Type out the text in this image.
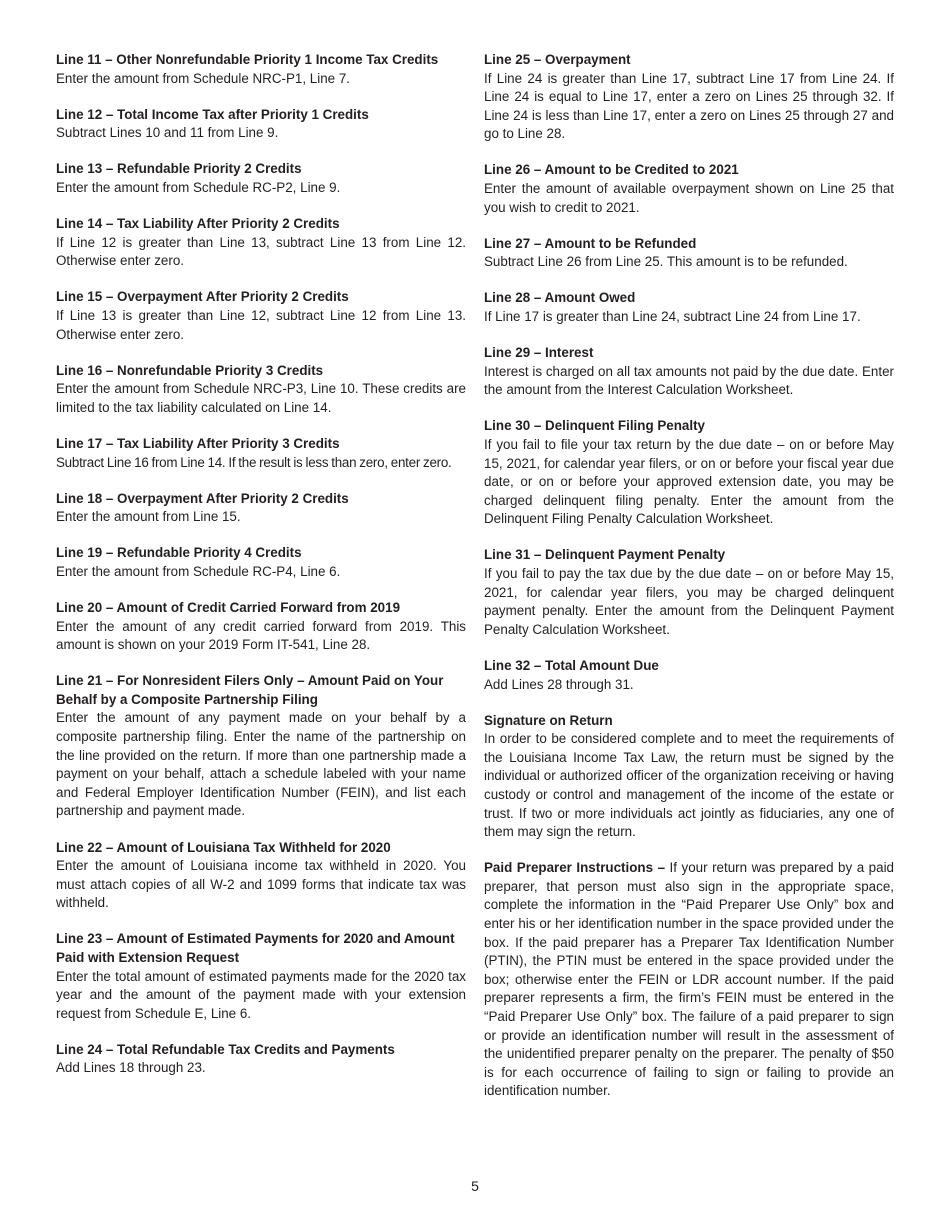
Line 11 – Other Nonrefundable Priority 1 Income Tax Credits

Enter the amount from Schedule NRC-P1, Line 7.

Line 12 – Total Income Tax after Priority 1 Credits

Subtract Lines 10 and 11 from Line 9.

Line 13 – Refundable Priority 2 Credits

Enter the amount from Schedule RC-P2, Line 9.

Line 14 – Tax Liability After Priority 2 Credits

If Line 12 is greater than Line 13, subtract Line 13 from Line 12. Otherwise enter zero.

Line 15 – Overpayment After Priority 2 Credits

If Line 13 is greater than Line 12, subtract Line 12 from Line 13. Otherwise enter zero.

Line 16 – Nonrefundable Priority 3 Credits

Enter the amount from Schedule NRC-P3, Line 10. These credits are limited to the tax liability calculated on Line 14.

Line 17 – Tax Liability After Priority 3 Credits

Subtract Line 16 from Line 14. If the result is less than zero, enter zero.

Line 18 – Overpayment After Priority 2 Credits

Enter the amount from Line 15.

Line 19 – Refundable Priority 4 Credits

Enter the amount from Schedule RC-P4, Line 6.

Line 20 – Amount of Credit Carried Forward from 2019

Enter the amount of any credit carried forward from 2019. This amount is shown on your 2019 Form IT-541, Line 28.

Line 21 – For Nonresident Filers Only – Amount Paid on Your Behalf by a Composite Partnership Filing

Enter the amount of any payment made on your behalf by a composite partnership filing. Enter the name of the partnership on the line provided on the return. If more than one partnership made a payment on your behalf, attach a schedule labeled with your name and Federal Employer Identification Number (FEIN), and list each partnership and payment made.

Line 22 – Amount of Louisiana Tax Withheld for 2020

Enter the amount of Louisiana income tax withheld in 2020. You must attach copies of all W-2 and 1099 forms that indicate tax was withheld.

Line 23 – Amount of Estimated Payments for 2020 and Amount Paid with Extension Request

Enter the total amount of estimated payments made for the 2020 tax year and the amount of the payment made with your extension request from Schedule E, Line 6.

Line 24 – Total Refundable Tax Credits and Payments

Add Lines 18 through 23.

Line 25 – Overpayment

If Line 24 is greater than Line 17, subtract Line 17 from Line 24. If Line 24 is equal to Line 17, enter a zero on Lines 25 through 32. If Line 24 is less than Line 17, enter a zero on Lines 25 through 27 and go to Line 28.

Line 26 – Amount to be Credited to 2021

Enter the amount of available overpayment shown on Line 25 that you wish to credit to 2021.

Line 27 – Amount to be Refunded

Subtract Line 26 from Line 25. This amount is to be refunded.

Line 28 – Amount Owed

If Line 17 is greater than Line 24, subtract Line 24 from Line 17.

Line 29 – Interest

Interest is charged on all tax amounts not paid by the due date. Enter the amount from the Interest Calculation Worksheet.

Line 30 – Delinquent Filing Penalty

If you fail to file your tax return by the due date – on or before May 15, 2021, for calendar year filers, or on or before your fiscal year due date, or on or before your approved extension date, you may be charged delinquent filing penalty. Enter the amount from the Delinquent Filing Penalty Calculation Worksheet.

Line 31 – Delinquent Payment Penalty

If you fail to pay the tax due by the due date – on or before May 15, 2021, for calendar year filers, you may be charged delinquent payment penalty. Enter the amount from the Delinquent Payment Penalty Calculation Worksheet.

Line 32 – Total Amount Due

Add Lines 28 through 31.

Signature on Return

In order to be considered complete and to meet the requirements of the Louisiana Income Tax Law, the return must be signed by the individual or authorized officer of the organization receiving or having custody or control and management of the income of the estate or trust. If two or more individuals act jointly as fiduciaries, any one of them may sign the return.

Paid Preparer Instructions – If your return was prepared by a paid preparer, that person must also sign in the appropriate space, complete the information in the “Paid Preparer Use Only” box and enter his or her identification number in the space provided under the box. If the paid preparer has a Preparer Tax Identification Number (PTIN), the PTIN must be entered in the space provided under the box; otherwise enter the FEIN or LDR account number. If the paid preparer represents a firm, the firm’s FEIN must be entered in the “Paid Preparer Use Only” box. The failure of a paid preparer to sign or provide an identification number will result in the assessment of the unidentified preparer penalty on the preparer. The penalty of $50 is for each occurrence of failing to sign or failing to provide an identification number.

5
